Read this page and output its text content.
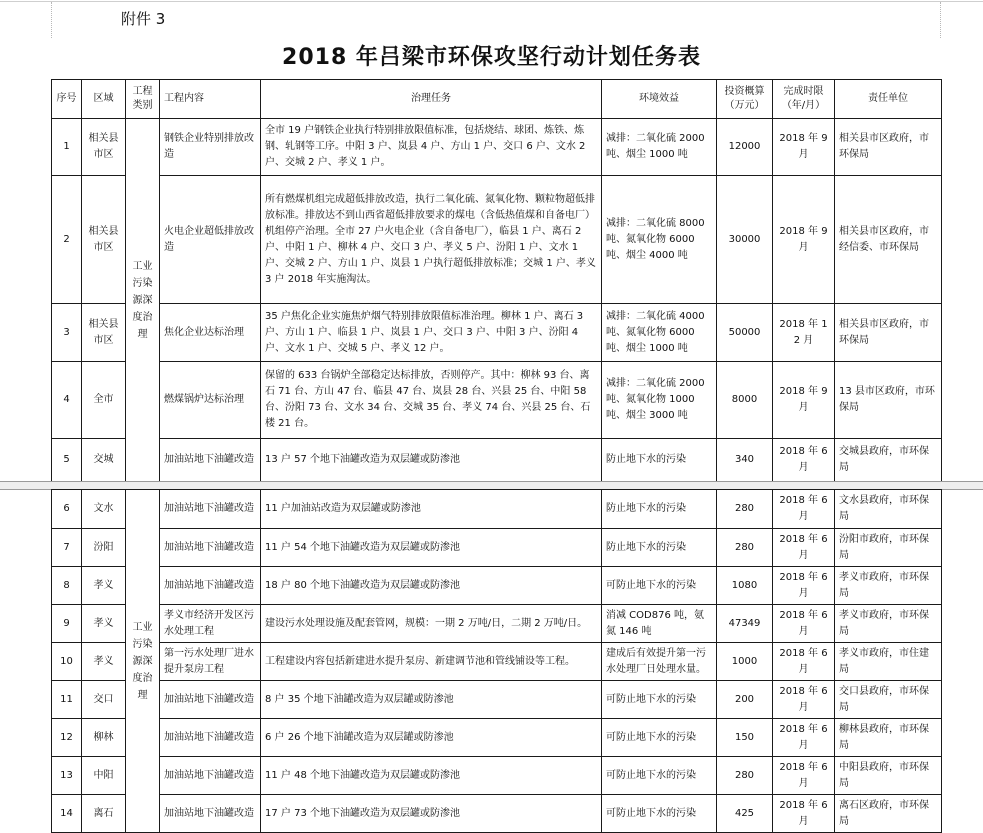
附件 3
2018 年吕梁市环保攻坚行动计划任务表
序号	区域	工程类别	工程内容	治理任务	环境效益	投资概算（万元）	完成时限（年/月）	责任单位
1	相关县市区	工业污染源深度治理	钢铁企业特别排放改造	全市 19 户钢铁企业执行特别排放限值标准，包括烧结、球团、炼铁、炼钢、轧钢等工序。中阳 3 户、岚县 4 户、方山 1 户、交口 6 户、文水 2 户、交城 2 户、孝义 1 户。	减排：二氧化硫 2000 吨、烟尘 1000 吨	12000	2018 年 9 月	相关县市区政府，市环保局
2	相关县市区		火电企业超低排放改造	所有燃煤机组完成超低排放改造，执行二氧化硫、氮氧化物、颗粒物超低排放标准。排放达不到山西省超低排放要求的煤电（含低热值煤和自备电厂）机组停产治理。全市 27 户火电企业（含自备电厂），临县 1 户、离石 2 户、中阳 1 户、柳林 4 户、交口 3 户、孝义 5 户、汾阳 1 户、文水 1 户、交城 2 户、方山 1 户、岚县 1 户执行超低排放标准；交城 1 户、孝义 3 户 2018 年实施淘汰。	减排：二氧化硫 8000 吨、氮氧化物 6000 吨、烟尘 4000 吨	30000	2018 年 9 月	相关县市区政府，市经信委、市环保局
3	相关县市区		焦化企业达标治理	35 户焦化企业实施焦炉烟气特别排放限值标准治理。柳林 1 户、离石 3 户、方山 1 户、临县 1 户、岚县 1 户、交口 3 户、中阳 3 户、汾阳 4 户、文水 1 户、交城 5 户、孝义 12 户。	减排：二氧化硫 4000 吨、氮氧化物 6000 吨、烟尘 1000 吨	50000	2018 年 12 月	相关县市区政府，市环保局
4	全市		燃煤锅炉达标治理	保留的 633 台锅炉全部稳定达标排放，否则停产。其中：柳林 93 台、离石 71 台、方山 47 台、临县 47 台、岚县 28 台、兴县 25 台、中阳 58 台、汾阳 73 台、文水 34 台、交城 35 台、孝义 74 台、兴县 25 台、石楼 21 台。	减排：二氧化硫 2000 吨、氮氧化物 1000 吨、烟尘 3000 吨	8000	2018 年 9 月	13 县市区政府，市环保局
5	交城		加油站地下油罐改造	13 户 57 个地下油罐改造为双层罐或防渗池	防止地下水的污染	340	2018 年 6 月	交城县政府，市环保局
6	文水	工业污染源深度治理	加油站地下油罐改造	11 户加油站改造为双层罐或防渗池	防止地下水的污染	280	2018 年 6 月	文水县政府，市环保局
7	汾阳		加油站地下油罐改造	11 户 54 个地下油罐改造为双层罐或防渗池	防止地下水的污染	280	2018 年 6 月	汾阳市政府，市环保局
8	孝义		加油站地下油罐改造	18 户 80 个地下油罐改造为双层罐或防渗池	可防止地下水的污染	1080	2018 年 6 月	孝义市政府，市环保局
9	孝义		孝义市经济开发区污水处理工程	建设污水处理设施及配套管网，规模：一期 2 万吨/日，二期 2 万吨/日。	消减 COD876 吨，氨氮 146 吨	47349	2018 年 6 月	孝义市政府，市环保局
10	孝义		第一污水处理厂进水提升泵房工程	工程建设内容包括新建进水提升泵房、新建调节池和管线铺设等工程。	建成后有效提升第一污水处理厂日处理水量。	1000	2018 年 6 月	孝义市政府，市住建局
11	交口		加油站地下油罐改造	8 户 35 个地下油罐改造为双层罐或防渗池	可防止地下水的污染	200	2018 年 6 月	交口县政府，市环保局
12	柳林		加油站地下油罐改造	6 户 26 个地下油罐改造为双层罐或防渗池	可防止地下水的污染	150	2018 年 6 月	柳林县政府，市环保局
13	中阳		加油站地下油罐改造	11 户 48 个地下油罐改造为双层罐或防渗池	可防止地下水的污染	280	2018 年 6 月	中阳县政府，市环保局
14	离石		加油站地下油罐改造	17 户 73 个地下油罐改造为双层罐或防渗池	可防止地下水的污染	425	2018 年 6 月	离石区政府，市环保局
